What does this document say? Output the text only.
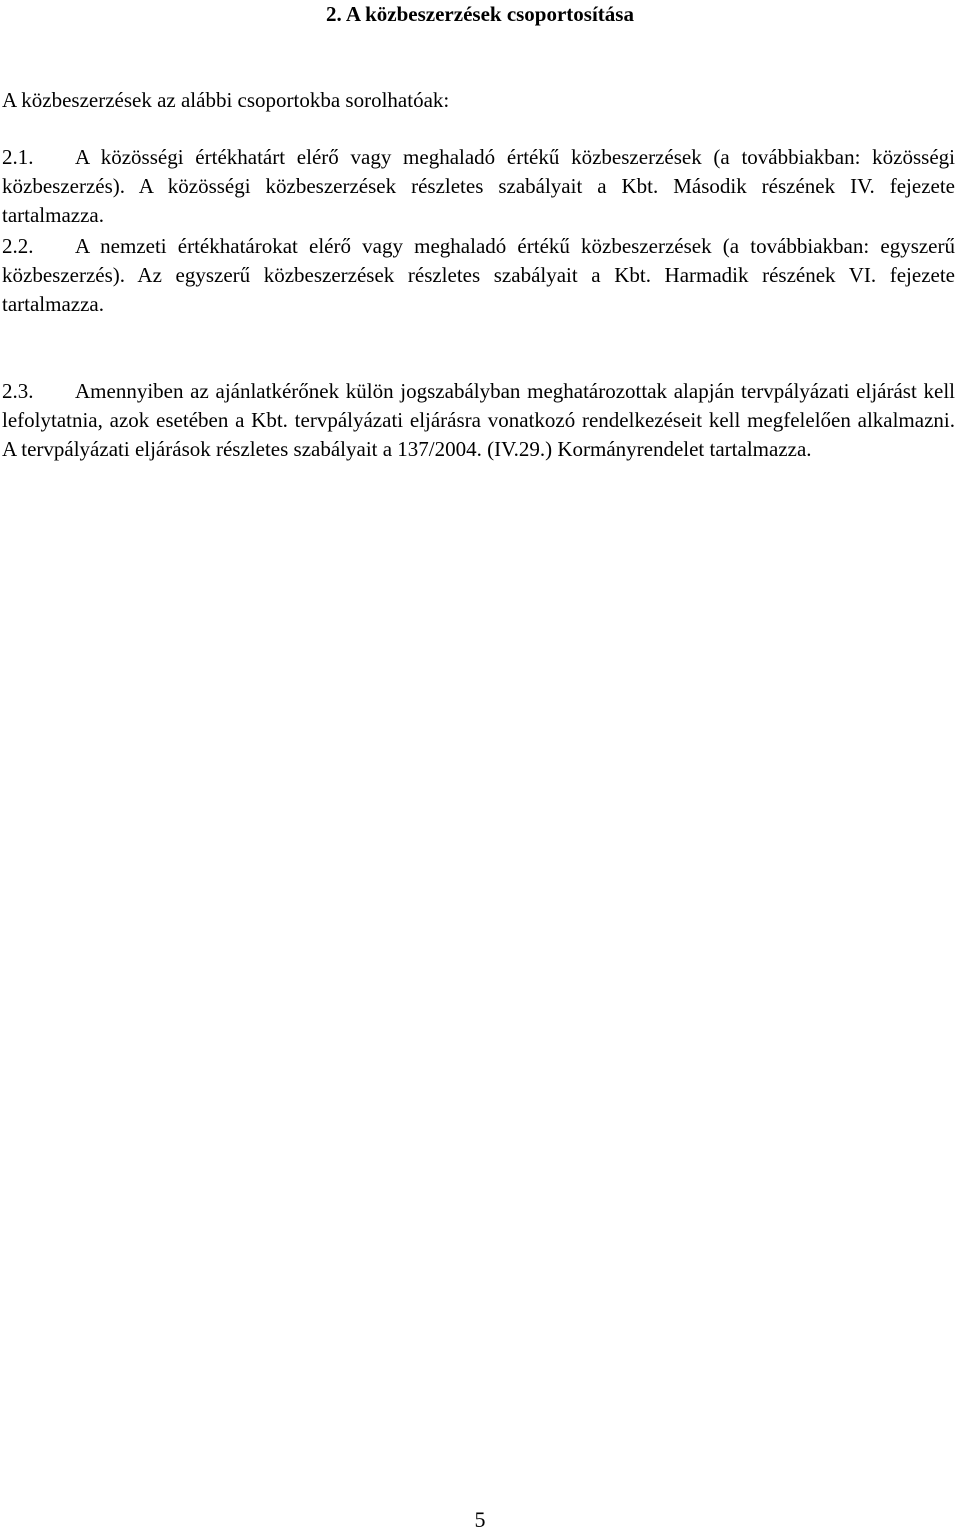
2. A közbeszerzések csoportosítása
A közbeszerzések az alábbi csoportokba sorolhatóak:
2.1. A közösségi értékhatárt elérő vagy meghaladó értékű közbeszerzések (a továbbiakban: közösségi közbeszerzés). A közösségi közbeszerzések részletes szabályait a Kbt. Második részének IV. fejezete tartalmazza.
2.2. A nemzeti értékhatárokat elérő vagy meghaladó értékű közbeszerzések (a továbbiakban: egyszerű közbeszerzés). Az egyszerű közbeszerzések részletes szabályait a Kbt. Harmadik részének VI. fejezete tartalmazza.
2.3. Amennyiben az ajánlatkérőnek külön jogszabályban meghatározottak alapján tervpályázati eljárást kell lefolytatnia, azok esetében a Kbt. tervpályázati eljárásra vonatkozó rendelkezéseit kell megfelelően alkalmazni. A tervpályázati eljárások részletes szabályait a 137/2004. (IV.29.) Kormányrendelet tartalmazza.
5
